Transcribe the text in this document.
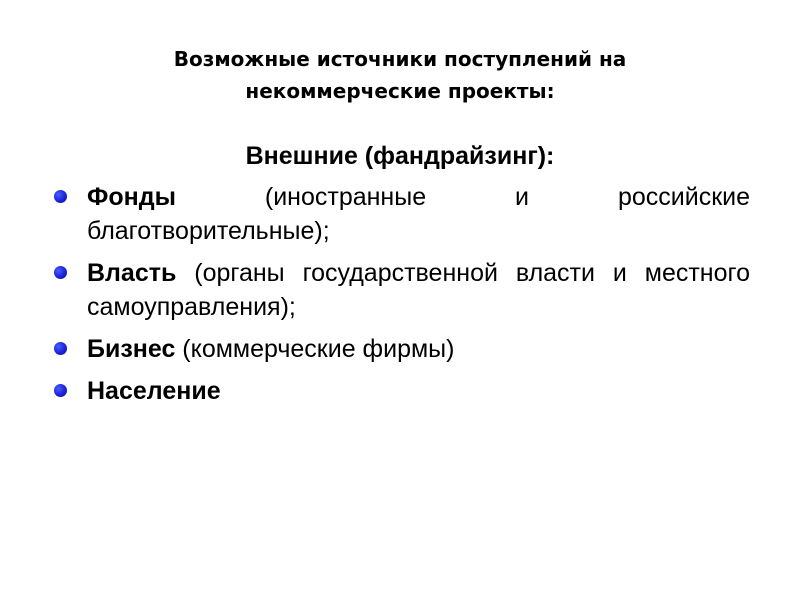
Возможные источники поступлений на
некоммерческие проекты:

Внешние (фандрайзинг):

Фонды (иностранные и российские благотворительные);
Власть (органы государственной власти и местного самоуправления);
Бизнес (коммерческие фирмы)
Население
